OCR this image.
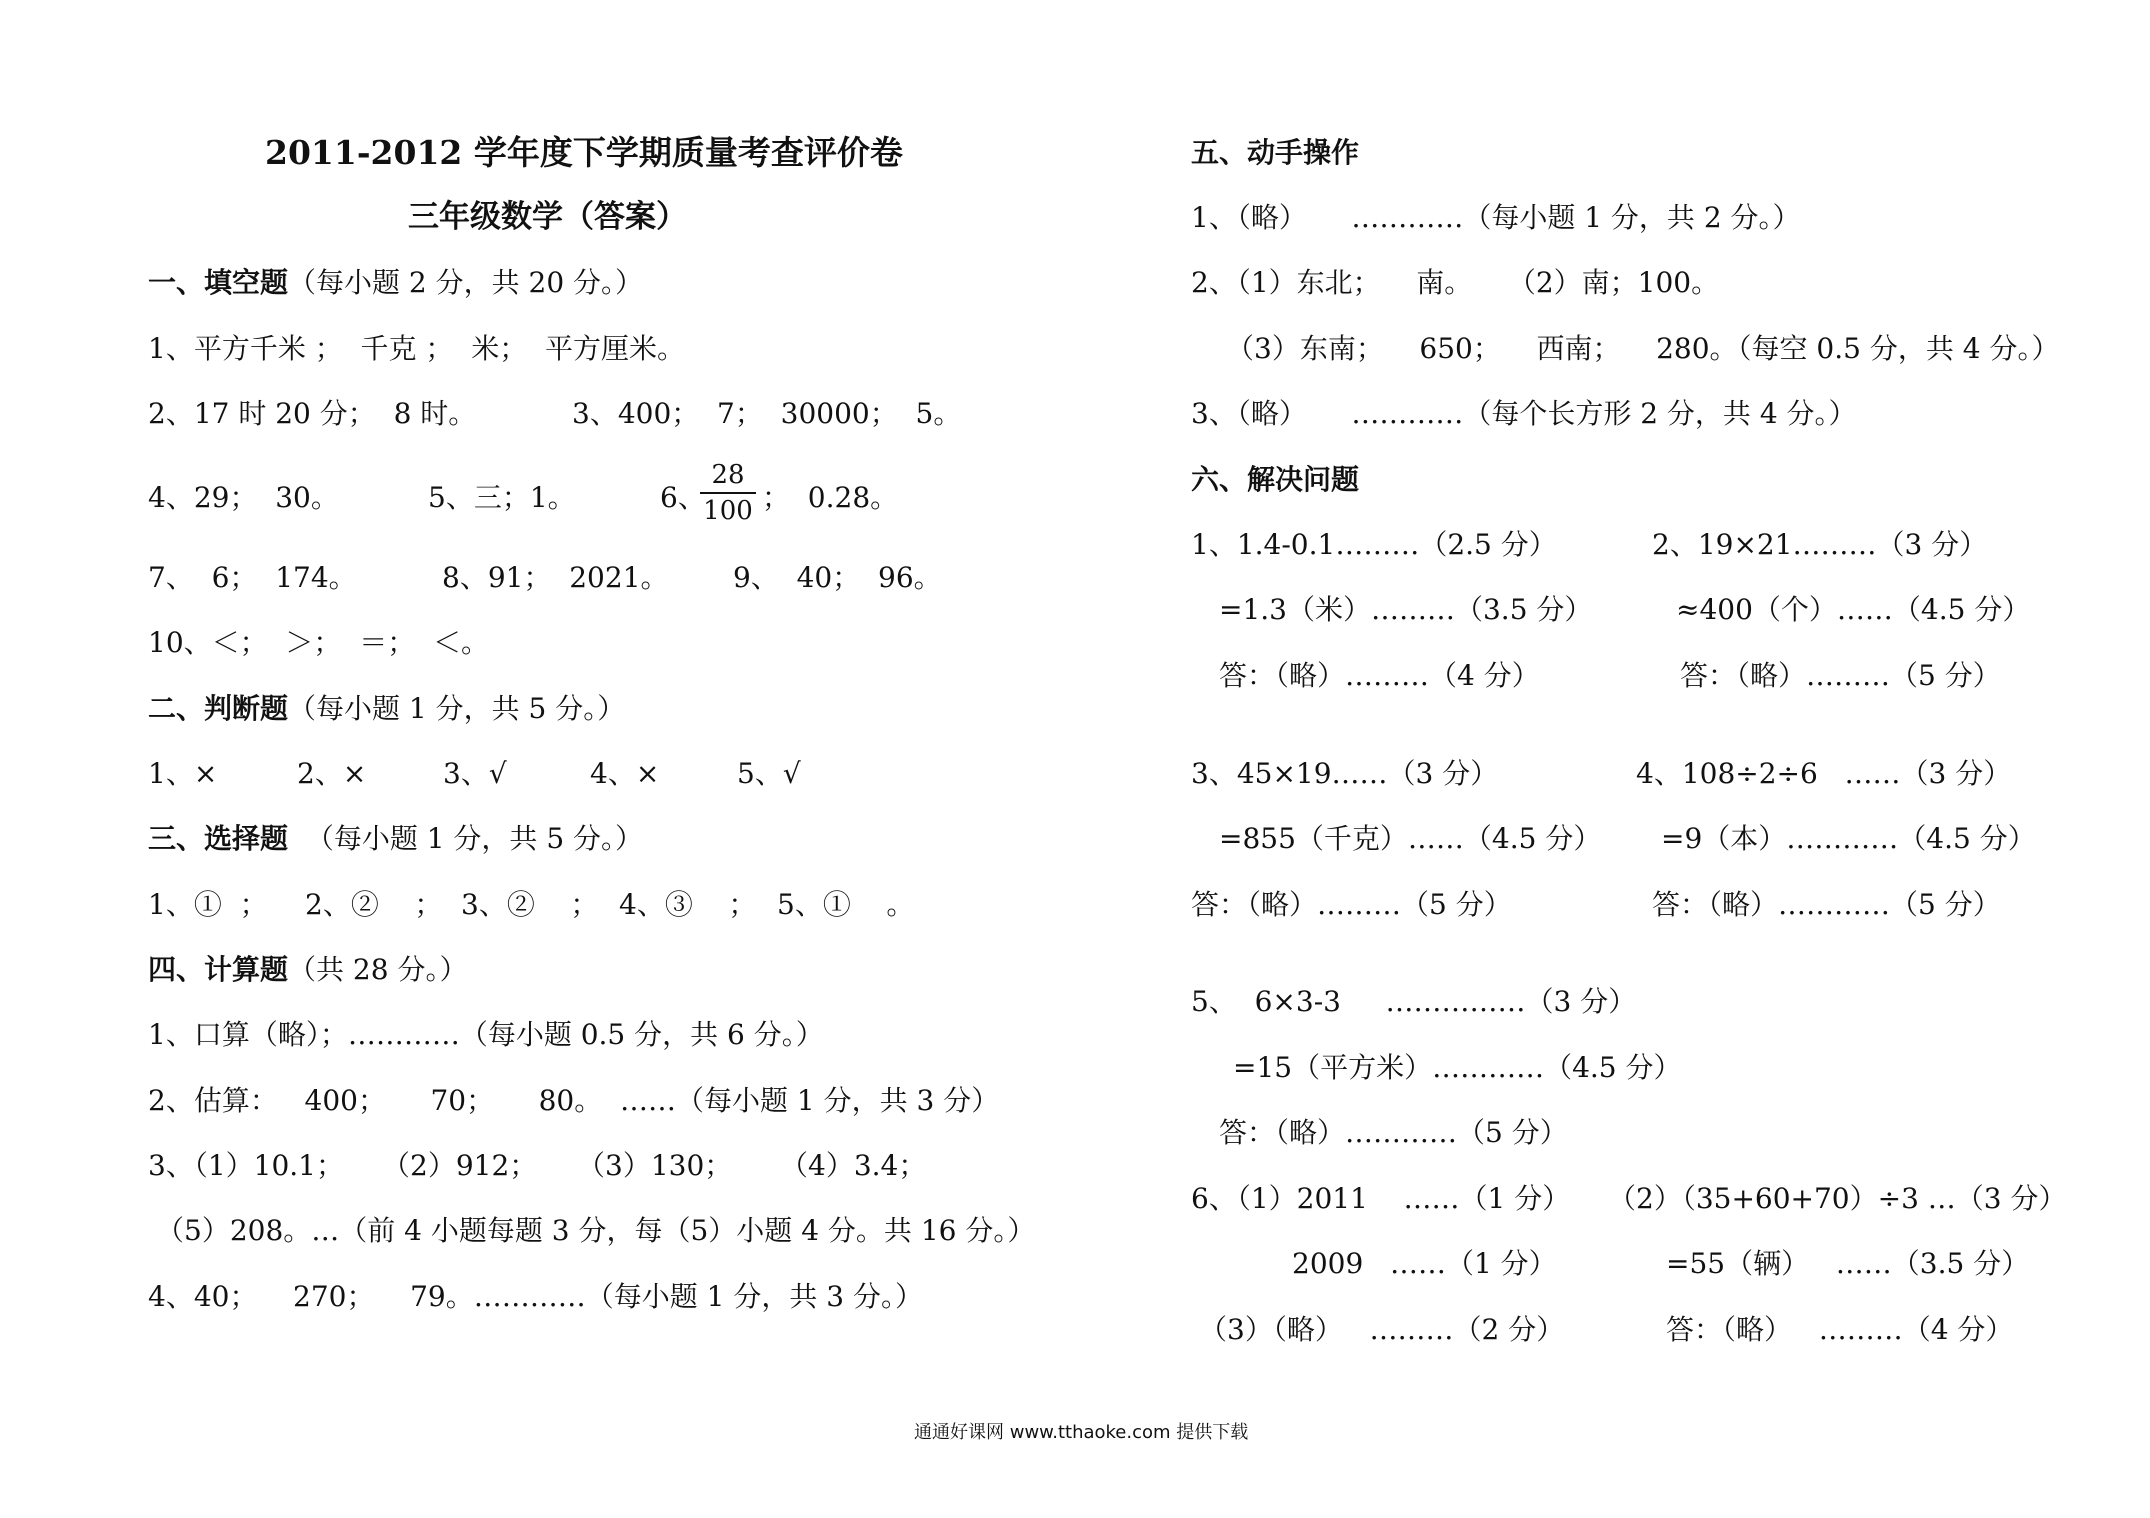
2011-2012 学年度下学期质量考查评价卷
三年级数学（答案）
一、填空题（每小题 2 分，共 20 分。）
1、平方千米 ；  千克 ；  米；  平方厘米。
2、17 时 20 分；  8 时。	3、400；  7；  30000；  5。
4、29；  30。	5、三；1。	6、
$\frac{28}{100}$ ；  0.28。
7、  6；  174。	8、91；  2021。 9、  40；  96。
10、＜；  ＞；  ＝；  ＜。
二、判断题（每小题 1 分，共 5 分。）
1、×	2、×	3、√	4、×	5、√
三、选择题  （每小题 1 分，共 5 分。）
1、①  ； 2、②    ； 3、②    ； 4、③    ； 5、①    。
四、计算题（共 28 分。）
1、口算（略）；…………（每小题 0.5 分，共 6 分。）
2、估算：   400；     70；     80。  ……（每小题 1 分，共 3 分）
3、（1）10.1； （2）912； （3）130； （4）3.4；
（5）208。…（前 4 小题每题 3 分，每（5）小题 4 分。共 16 分。）
4、40；    270；    79。…………（每小题 1 分，共 3 分。）
五、动手操作
1、（略）     …………（每小题 1 分，共 2 分。）
2、（1）东北；    南。    （2）南；100。
（3）东南；    650；    西南；    280。（每空 0.5 分，共 4 分。）
3、（略）     …………（每个长方形 2 分，共 4 分。）
六、解决问题
1、1.4-0.1………（2.5 分）
=1.3（米）………（3.5 分）
答：（略）………（4 分）
2、19×21………（3 分）
≈400（个）……（4.5 分）
答：（略）………（5 分）
3、45×19……（3 分）
=855（千克）……（4.5 分）
答：（略）………（5 分）
4、108÷2÷6   ……（3 分）
=9（本）…………（4.5 分）
答：（略）…………（5 分）
5、  6×3-3     ……………（3 分）
=15（平方米）…………（4.5 分）
答：（略）…………（5 分）
6、（1）2011    ……（1 分） （2）（35+60+70）÷3 …（3 分）
2009   ……（1 分）	=55（辆）   ……（3.5 分）
（3）（略）   ………（2 分）	答：（略）   ………（4 分）
通通好课网 www.tthaoke.com 提供下载
